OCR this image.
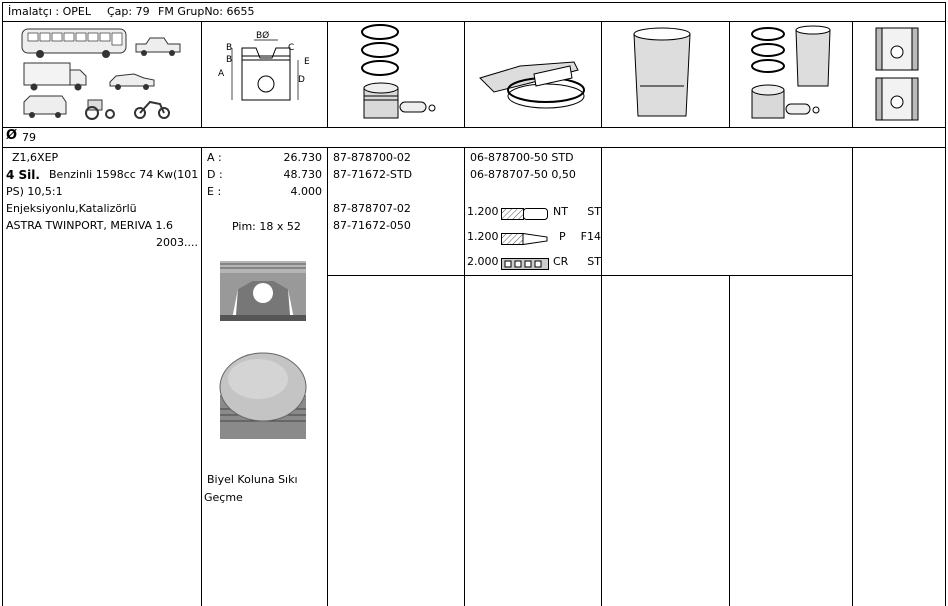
İmalatçı : OPEL Çap: 79 FM GrupNo: 6655
A
B
B
BØ
C
D
E
Ø 79
Z1,6XEP
4 Sil. Benzinli 1598cc 74 Kw(101
PS) 10,5:1
Enjeksiyonlu,Katalizörlü
ASTRA TWINPORT, MERIVA 1.6
2003....
A :	26.730
D :	48.730
E :	4.000
Pim: 18 x 52
Biyel Koluna Sıkı
Geçme
87-878700-02
87-71672-STD
87-878707-02
87-71672-050
06-878700-50 STD
06-878707-50 0,50
1.200	NT	ST
1.200	P	F14
2.000	CR	ST
